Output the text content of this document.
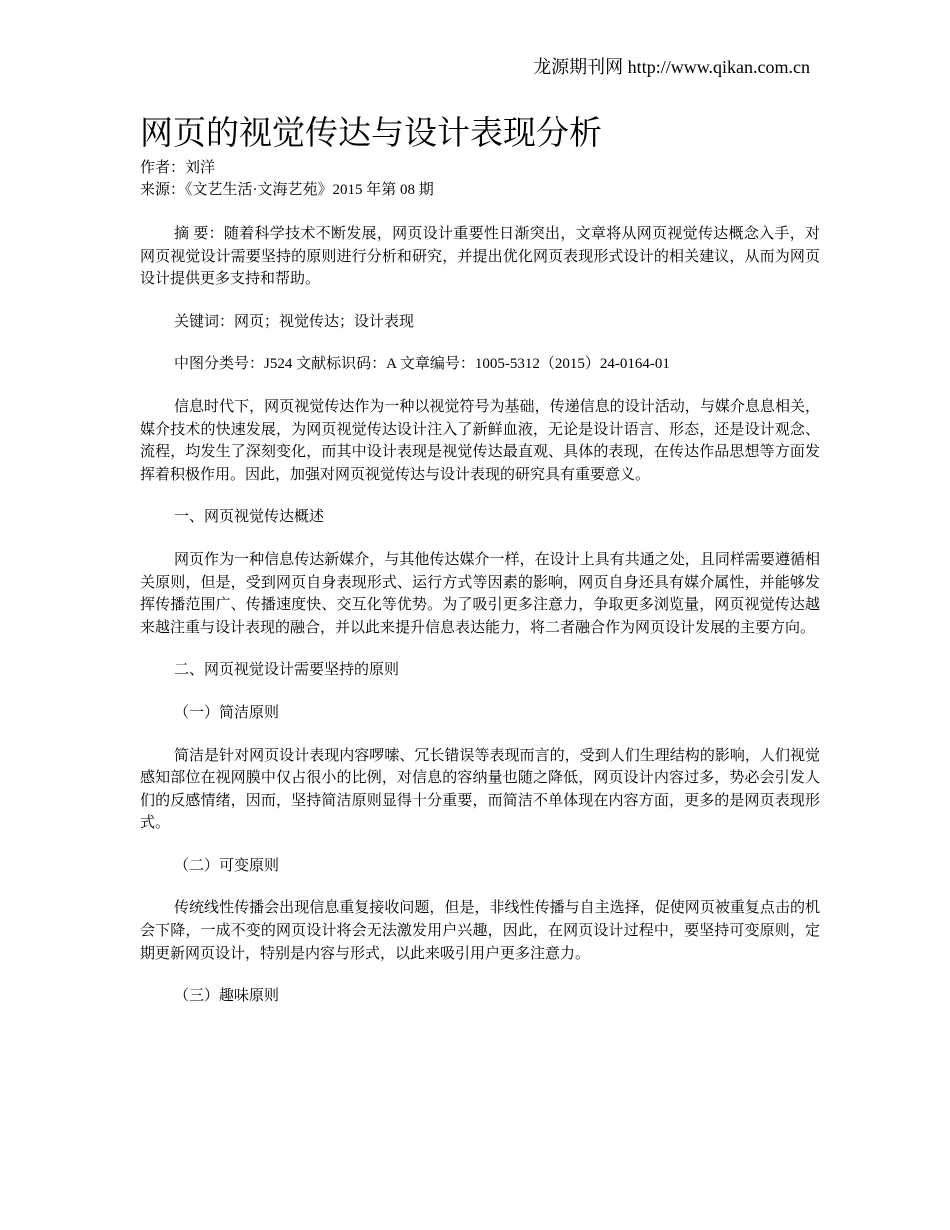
龙源期刊网 http://www.qikan.com.cn
网页的视觉传达与设计表现分析
作者：刘洋
来源：《文艺生活·文海艺苑》2015 年第 08 期

摘 要：随着科学技术不断发展，网页设计重要性日渐突出，文章将从网页视觉传达概念入手，对网页视觉设计需要坚持的原则进行分析和研究，并提出优化网页表现形式设计的相关建议，从而为网页设计提供更多支持和帮助。

关键词：网页；视觉传达；设计表现

中图分类号：J524 文献标识码：A 文章编号：1005-5312（2015）24-0164-01

信息时代下，网页视觉传达作为一种以视觉符号为基础，传递信息的设计活动，与媒介息息相关，媒介技术的快速发展，为网页视觉传达设计注入了新鲜血液，无论是设计语言、形态，还是设计观念、流程，均发生了深刻变化，而其中设计表现是视觉传达最直观、具体的表现，在传达作品思想等方面发挥着积极作用。因此，加强对网页视觉传达与设计表现的研究具有重要意义。

一、网页视觉传达概述

网页作为一种信息传达新媒介，与其他传达媒介一样，在设计上具有共通之处，且同样需要遵循相关原则，但是，受到网页自身表现形式、运行方式等因素的影响，网页自身还具有媒介属性，并能够发挥传播范围广、传播速度快、交互化等优势。为了吸引更多注意力，争取更多浏览量，网页视觉传达越来越注重与设计表现的融合，并以此来提升信息表达能力，将二者融合作为网页设计发展的主要方向。

二、网页视觉设计需要坚持的原则

（一）简洁原则

简洁是针对网页设计表现内容啰嗦、冗长错误等表现而言的，受到人们生理结构的影响，人们视觉感知部位在视网膜中仅占很小的比例，对信息的容纳量也随之降低，网页设计内容过多，势必会引发人们的反感情绪，因而，坚持简洁原则显得十分重要，而简洁不单体现在内容方面，更多的是网页表现形式。

（二）可变原则

传统线性传播会出现信息重复接收问题，但是，非线性传播与自主选择，促使网页被重复点击的机会下降，一成不变的网页设计将会无法激发用户兴趣，因此，在网页设计过程中，要坚持可变原则，定期更新网页设计，特别是内容与形式，以此来吸引用户更多注意力。

（三）趣味原则
